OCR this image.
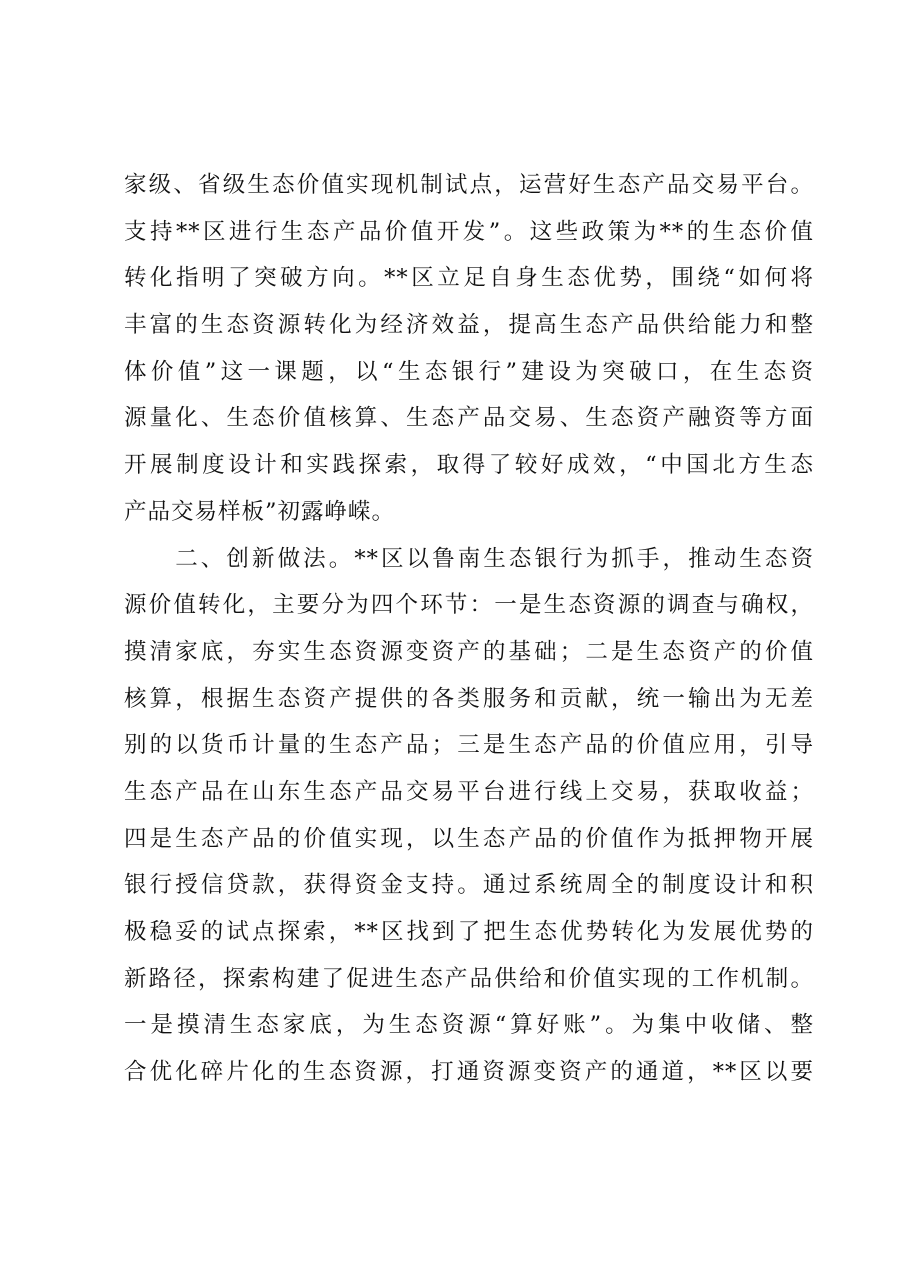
家级、省级生态价值实现机制试点，运营好生态产品交易平台。
支持**区进行生态产品价值开发”。这些政策为**的生态价值
转化指明了突破方向。**区立足自身生态优势，围绕“如何将
丰富的生态资源转化为经济效益，提高生态产品供给能力和整
体价值”这一课题，以“生态银行”建设为突破口，在生态资
源量化、生态价值核算、生态产品交易、生态资产融资等方面
开展制度设计和实践探索，取得了较好成效，“中国北方生态
产品交易样板”初露峥嵘。
　　二、创新做法。**区以鲁南生态银行为抓手，推动生态资
源价值转化，主要分为四个环节：一是生态资源的调查与确权，
摸清家底，夯实生态资源变资产的基础；二是生态资产的价值
核算，根据生态资产提供的各类服务和贡献，统一输出为无差
别的以货币计量的生态产品；三是生态产品的价值应用，引导
生态产品在山东生态产品交易平台进行线上交易，获取收益；
四是生态产品的价值实现，以生态产品的价值作为抵押物开展
银行授信贷款，获得资金支持。通过系统周全的制度设计和积
极稳妥的试点探索，**区找到了把生态优势转化为发展优势的
新路径，探索构建了促进生态产品供给和价值实现的工作机制。
一是摸清生态家底，为生态资源“算好账”。为集中收储、整
合优化碎片化的生态资源，打通资源变资产的通道，**区以要
